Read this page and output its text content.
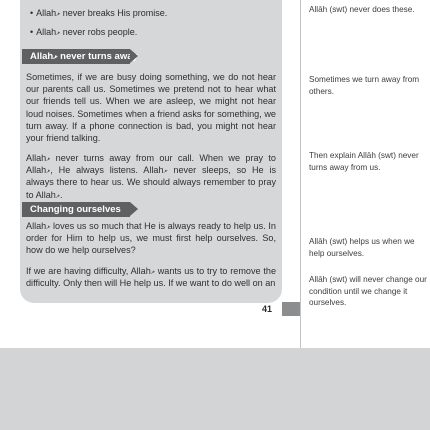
• Allahޅ never breaks His promise.
• Allahޅ never robs people.
Allahޅ never turns away

Sometimes, if we are busy doing something, we do not hear our parents call us. Sometimes we pretend not to hear what our friends tell us. When we are asleep, we might not hear loud noises. Sometimes when a friend asks for something, we turn away. If a phone connection is bad, you might not hear your friend talking.

Allahޅ never turns away from our call. When we pray to Allahޅ, He always listens. Allahޅ never sleeps, so He is always there to hear us. We should always remember to pray to Allahޅ.

Changing ourselves

Allahޅ loves us so much that He is always ready to help us. In order for Him to help us, we must first help ourselves. So, how do we help ourselves?

If we are having difficulty, Allahޅ wants us to try to remove the difficulty. Only then will He help us. If we want to do well on an

41

Allāh (swt) never does these.

Sometimes we turn away from others.

Then explain Allāh (swt) never turns away from us.

Allāh (swt) helps us when we help ourselves.

Allāh (swt) will never change our condition until we change it ourselves.
